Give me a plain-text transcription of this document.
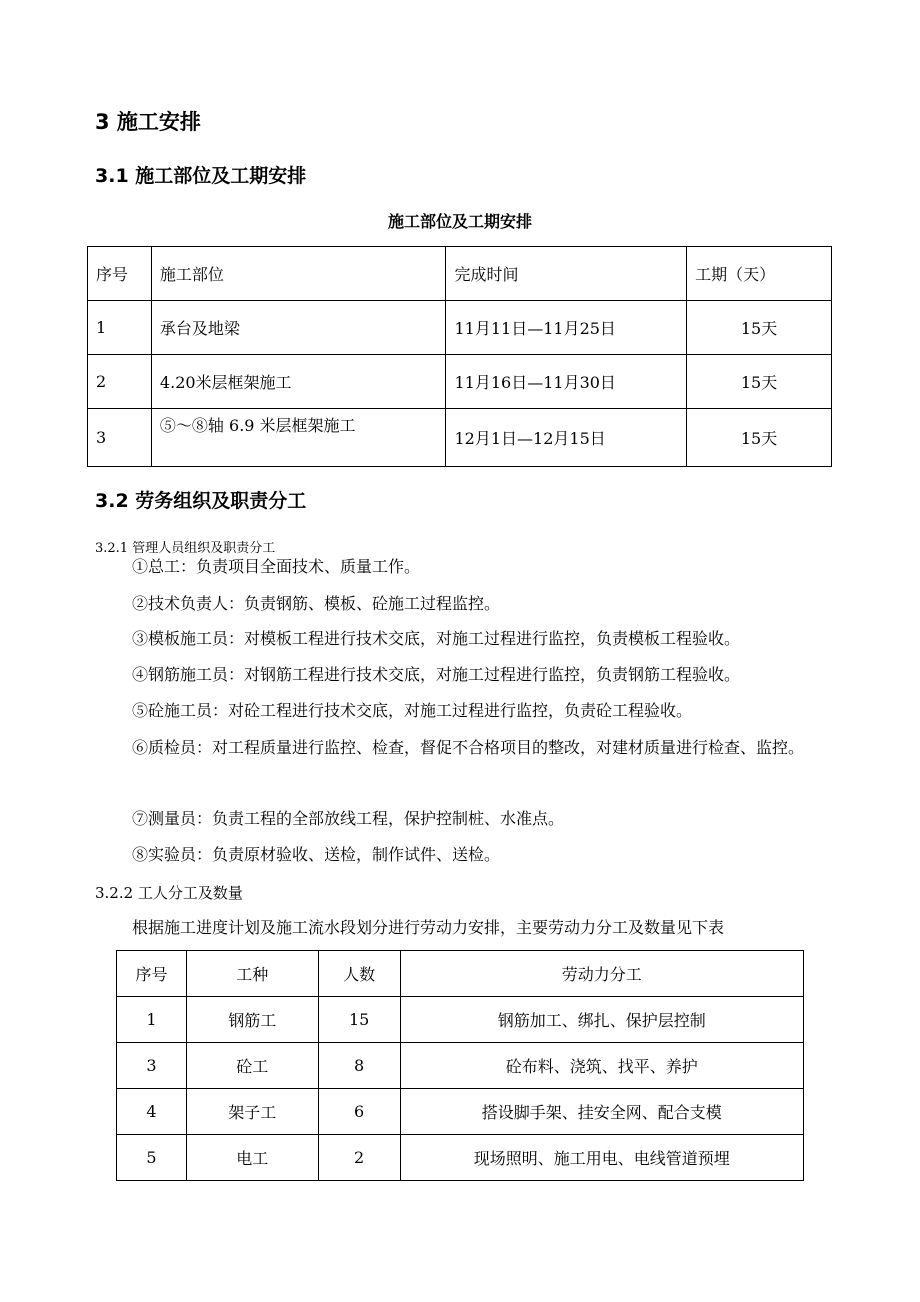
3 施工安排
3.1 施工部位及工期安排
施工部位及工期安排
序号	施工部位	完成时间	工期（天）
1	承台及地梁	11月11日—11月25日	15天
2	4.20米层框架施工	11月16日—11月30日	15天
3	⑤～⑧轴 6.9 米层框架施工	12月1日—12月15日	15天
3.2 劳务组织及职责分工
3.2.1 管理人员组织及职责分工
①总工：负责项目全面技术、质量工作。
②技术负责人：负责钢筋、模板、砼施工过程监控。
③模板施工员：对模板工程进行技术交底，对施工过程进行监控，负责模板工程验收。
④钢筋施工员：对钢筋工程进行技术交底，对施工过程进行监控，负责钢筋工程验收。
⑤砼施工员：对砼工程进行技术交底，对施工过程进行监控，负责砼工程验收。
⑥质检员：对工程质量进行监控、检查，督促不合格项目的整改，对建材质量进行检查、监控。
⑦测量员：负责工程的全部放线工程，保护控制桩、水准点。
⑧实验员：负责原材验收、送检，制作试件、送检。
3.2.2 工人分工及数量
根据施工进度计划及施工流水段划分进行劳动力安排，主要劳动力分工及数量见下表
序号	工种	人数	劳动力分工
1	钢筋工	15	钢筋加工、绑扎、保护层控制
3	砼工	8	砼布料、浇筑、找平、养护
4	架子工	6	搭设脚手架、挂安全网、配合支模
5	电工	2	现场照明、施工用电、电线管道预埋
